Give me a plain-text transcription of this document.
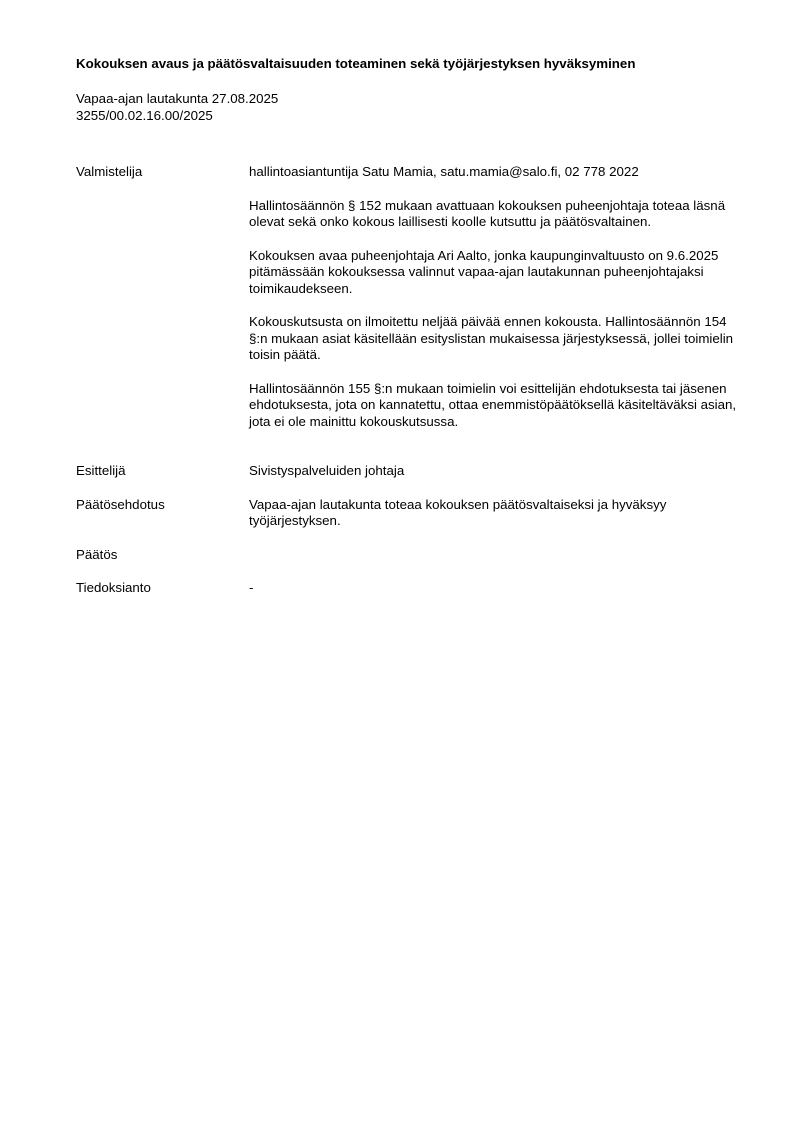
Kokouksen avaus ja päätösvaltaisuuden toteaminen sekä työjärjestyksen hyväksyminen
Vapaa-ajan lautakunta 27.08.2025
3255/00.02.16.00/2025
Valmistelija	hallintoasiantuntija Satu Mamia, satu.mamia@salo.fi, 02 778 2022

Hallintosäännön § 152 mukaan avattuaan kokouksen puheenjohtaja toteaa läsnä olevat sekä onko kokous laillisesti koolle kutsuttu ja päätösvaltainen.

Kokouksen avaa puheenjohtaja Ari Aalto, jonka kaupunginvaltuusto on 9.6.2025 pitämässään kokouksessa valinnut vapaa-ajan lautakunnan puheenjohtajaksi toimikaudekseen.

Kokouskutsusta on ilmoitettu neljää päivää ennen kokousta. Hallintosäännön 154 §:n mukaan asiat käsitellään esityslistan mukaisessa järjestyksessä, jollei toimielin toisin päätä.

Hallintosäännön 155 §:n mukaan toimielin voi esittelijän ehdotuksesta tai jäsenen ehdotuksesta, jota on kannatettu, ottaa enemmistöpäätöksellä käsiteltäväksi asian, jota ei ole mainittu kokouskutsussa.

Esittelijä	Sivistyspalveluiden johtaja
Päätösehdotus	Vapaa-ajan lautakunta toteaa kokouksen päätösvaltaiseksi ja hyväksyy työjärjestyksen.
Päätös
Tiedoksianto	-
